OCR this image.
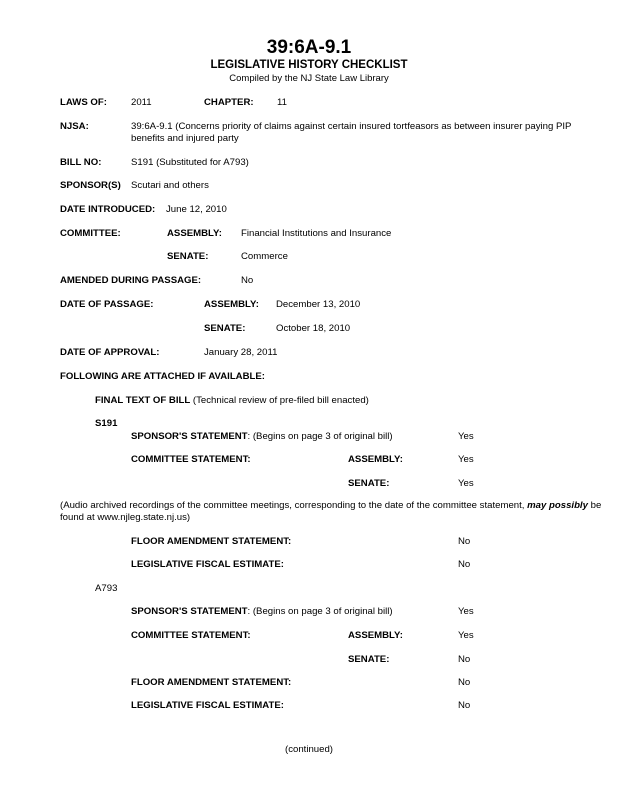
39:6A-9.1
LEGISLATIVE HISTORY CHECKLIST
Compiled by the NJ State Law Library
LAWS OF:	2011	CHAPTER: 11
NJSA:	39:6A-9.1 (Concerns priority of claims against certain insured tortfeasors as between insurer paying PIP benefits and injured party
BILL NO:	S191 (Substituted for A793)
SPONSOR(S) Scutari and others
DATE INTRODUCED: June 12, 2010
COMMITTEE:	ASSEMBLY: Financial Institutions and Insurance
SENATE:	Commerce
AMENDED DURING PASSAGE:	No
DATE OF PASSAGE:	ASSEMBLY: December 13, 2010
SENATE:	October 18, 2010
DATE OF APPROVAL:	January 28, 2011
FOLLOWING ARE ATTACHED IF AVAILABLE:
FINAL TEXT OF BILL (Technical review of pre-filed bill enacted)
S191
SPONSOR'S STATEMENT: (Begins on page 3 of original bill)	Yes
COMMITTEE STATEMENT:	ASSEMBLY:	Yes
SENATE:	Yes
(Audio archived recordings of the committee meetings, corresponding to the date of the committee statement, may possibly be found at www.njleg.state.nj.us)
FLOOR AMENDMENT STATEMENT:	No
LEGISLATIVE FISCAL ESTIMATE:	No
A793
SPONSOR'S STATEMENT: (Begins on page 3 of original bill)	Yes
COMMITTEE STATEMENT:	ASSEMBLY:	Yes
SENATE:	No
FLOOR AMENDMENT STATEMENT:	No
LEGISLATIVE FISCAL ESTIMATE:	No
(continued)
